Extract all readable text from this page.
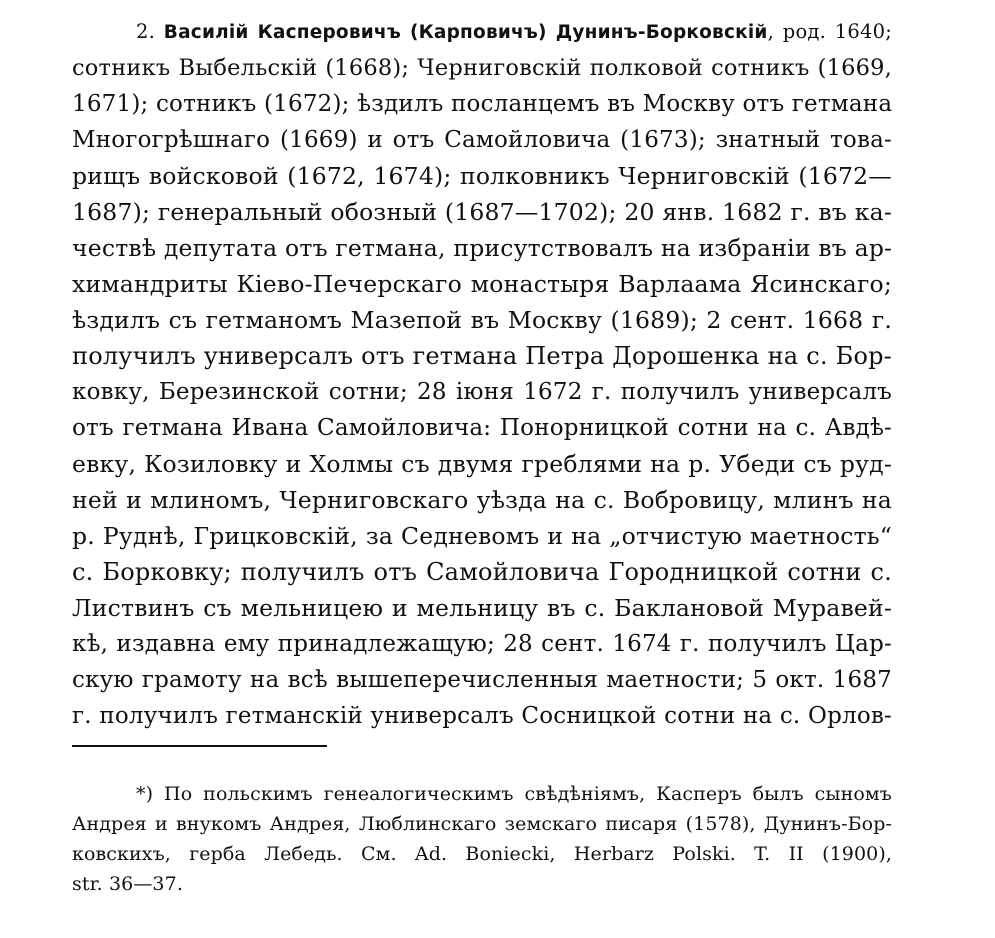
2. Василiй Касперовичъ (Карповичъ) Дунинъ-Борковскiй, род. 1640;
сотникъ Выбельскiй (1668); Черниговскiй полковой сотникъ (1669,
1671); сотникъ (1672); ѣздилъ посланцемъ въ Москву отъ гетмана
Многогрѣшнаго (1669) и отъ Самойловича (1673); знатный това-
рищъ войсковой (1672, 1674); полковникъ Черниговскiй (1672—
1687); генеральный обозный (1687—1702); 20 янв. 1682 г. въ ка-
чествѣ депутата отъ гетмана, присутствовалъ на избранiи въ ар-
химандриты Кiево-Печерскаго монастыря Варлаама Ясинскаго;
ѣздилъ съ гетманомъ Мазепой въ Москву (1689); 2 сент. 1668 г.
получилъ универсалъ отъ гетмана Петра Дорошенка на с. Бор-
ковку, Березинской сотни; 28 iюня 1672 г. получилъ универсалъ
отъ гетмана Ивана Самойловича: Понорницкой сотни на с. Авдѣ-
евку, Козиловку и Холмы съ двумя греблями на р. Убеди съ руд-
ней и млиномъ, Черниговскаго уѣзда на с. Вобровицу, млинъ на
р. Руднѣ, Грицковскiй, за Седневомъ и на „отчистую маетность“
с. Борковку; получилъ отъ Самойловича Городницкой сотни с.
Листвинъ съ мельницею и мельницу въ с. Баклановой Муравей-
кѣ, издавна ему принадлежащую; 28 сент. 1674 г. получилъ Цар-
скую грамоту на всѣ вышеперечисленныя маетности; 5 окт. 1687
г. получилъ гетманскiй универсалъ Сосницкой сотни на с. Орлов-
*) По польскимъ генеалогическимъ свѣдѣнiямъ, Касперъ былъ сыномъ
Андрея и внукомъ Андрея, Люблинскаго земскаго писаря (1578), Дунинъ-Бор-
ковскихъ, герба Лебедь. См. Ad. Boniecki, Herbarz Polski. T. II (1900),
str. 36—37.
